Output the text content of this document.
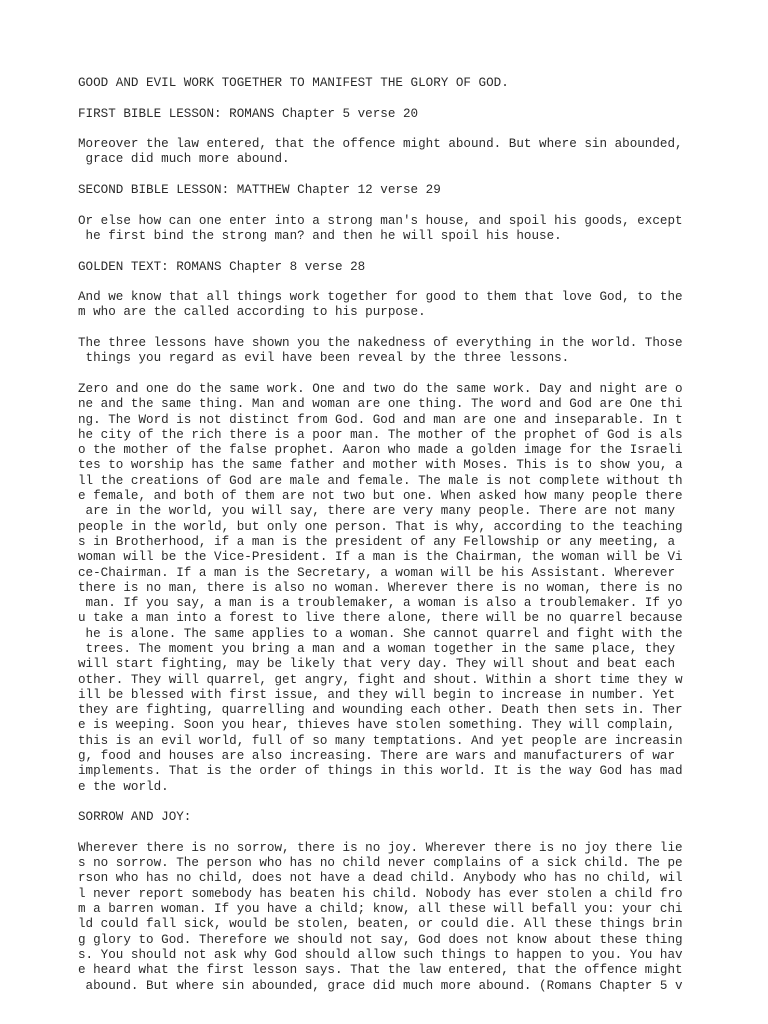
GOOD AND EVIL WORK TOGETHER TO MANIFEST THE GLORY OF GOD.
FIRST BIBLE LESSON: ROMANS Chapter 5 verse 20
Moreover the law entered, that the offence might abound. But where sin abounded,
grace did much more abound.
SECOND BIBLE LESSON: MATTHEW Chapter 12 verse 29
Or else how can one enter into a strong man's house, and spoil his goods, except
he first bind the strong man? and then he will spoil his house.
GOLDEN TEXT: ROMANS Chapter 8 verse 28
And we know that all things work together for good to them that love God, to the
m who are the called according to his purpose.
The three lessons have shown you the nakedness of everything in the world. Those
things you regard as evil have been reveal by the three lessons.
Zero and one do the same work. One and two do the same work. Day and night are o
ne and the same thing. Man and woman are one thing. The word and God are One thi
ng. The Word is not distinct from God. God and man are one and inseparable. In t
he city of the rich there is a poor man. The mother of the prophet of God is als
o the mother of the false prophet. Aaron who made a golden image for the Israeli
tes to worship has the same father and mother with Moses. This is to show you, a
ll the creations of God are male and female. The male is not complete without th
e female, and both of them are not two but one. When asked how many people there
are in the world, you will say, there are very many people. There are not many
people in the world, but only one person. That is why, according to the teaching
s in Brotherhood, if a man is the president of any Fellowship or any meeting, a
woman will be the Vice-President. If a man is the Chairman, the woman will be Vi
ce-Chairman. If a man is the Secretary, a woman will be his Assistant. Wherever
there is no man, there is also no woman. Wherever there is no woman, there is no
man. If you say, a man is a troublemaker, a woman is also a troublemaker. If yo
u take a man into a forest to live there alone, there will be no quarrel because
he is alone. The same applies to a woman. She cannot quarrel and fight with the
trees. The moment you bring a man and a woman together in the same place, they
will start fighting, may be likely that very day. They will shout and beat each
other. They will quarrel, get angry, fight and shout. Within a short time they w
ill be blessed with first issue, and they will begin to increase in number. Yet
they are fighting, quarrelling and wounding each other. Death then sets in. Ther
e is weeping. Soon you hear, thieves have stolen something. They will complain,
this is an evil world, full of so many temptations. And yet people are increasin
g, food and houses are also increasing. There are wars and manufacturers of war
implements. That is the order of things in this world. It is the way God has mad
e the world.
SORROW AND JOY:
Wherever there is no sorrow, there is no joy. Wherever there is no joy there lie
s no sorrow. The person who has no child never complains of a sick child. The pe
rson who has no child, does not have a dead child. Anybody who has no child, wil
l never report somebody has beaten his child. Nobody has ever stolen a child fro
m a barren woman. If you have a child; know, all these will befall you: your chi
ld could fall sick, would be stolen, beaten, or could die. All these things brin
g glory to God. Therefore we should not say, God does not know about these thing
s. You should not ask why God should allow such things to happen to you. You hav
e heard what the first lesson says. That the law entered, that the offence might
abound. But where sin abounded, grace did much more abound. (Romans Chapter 5 v
